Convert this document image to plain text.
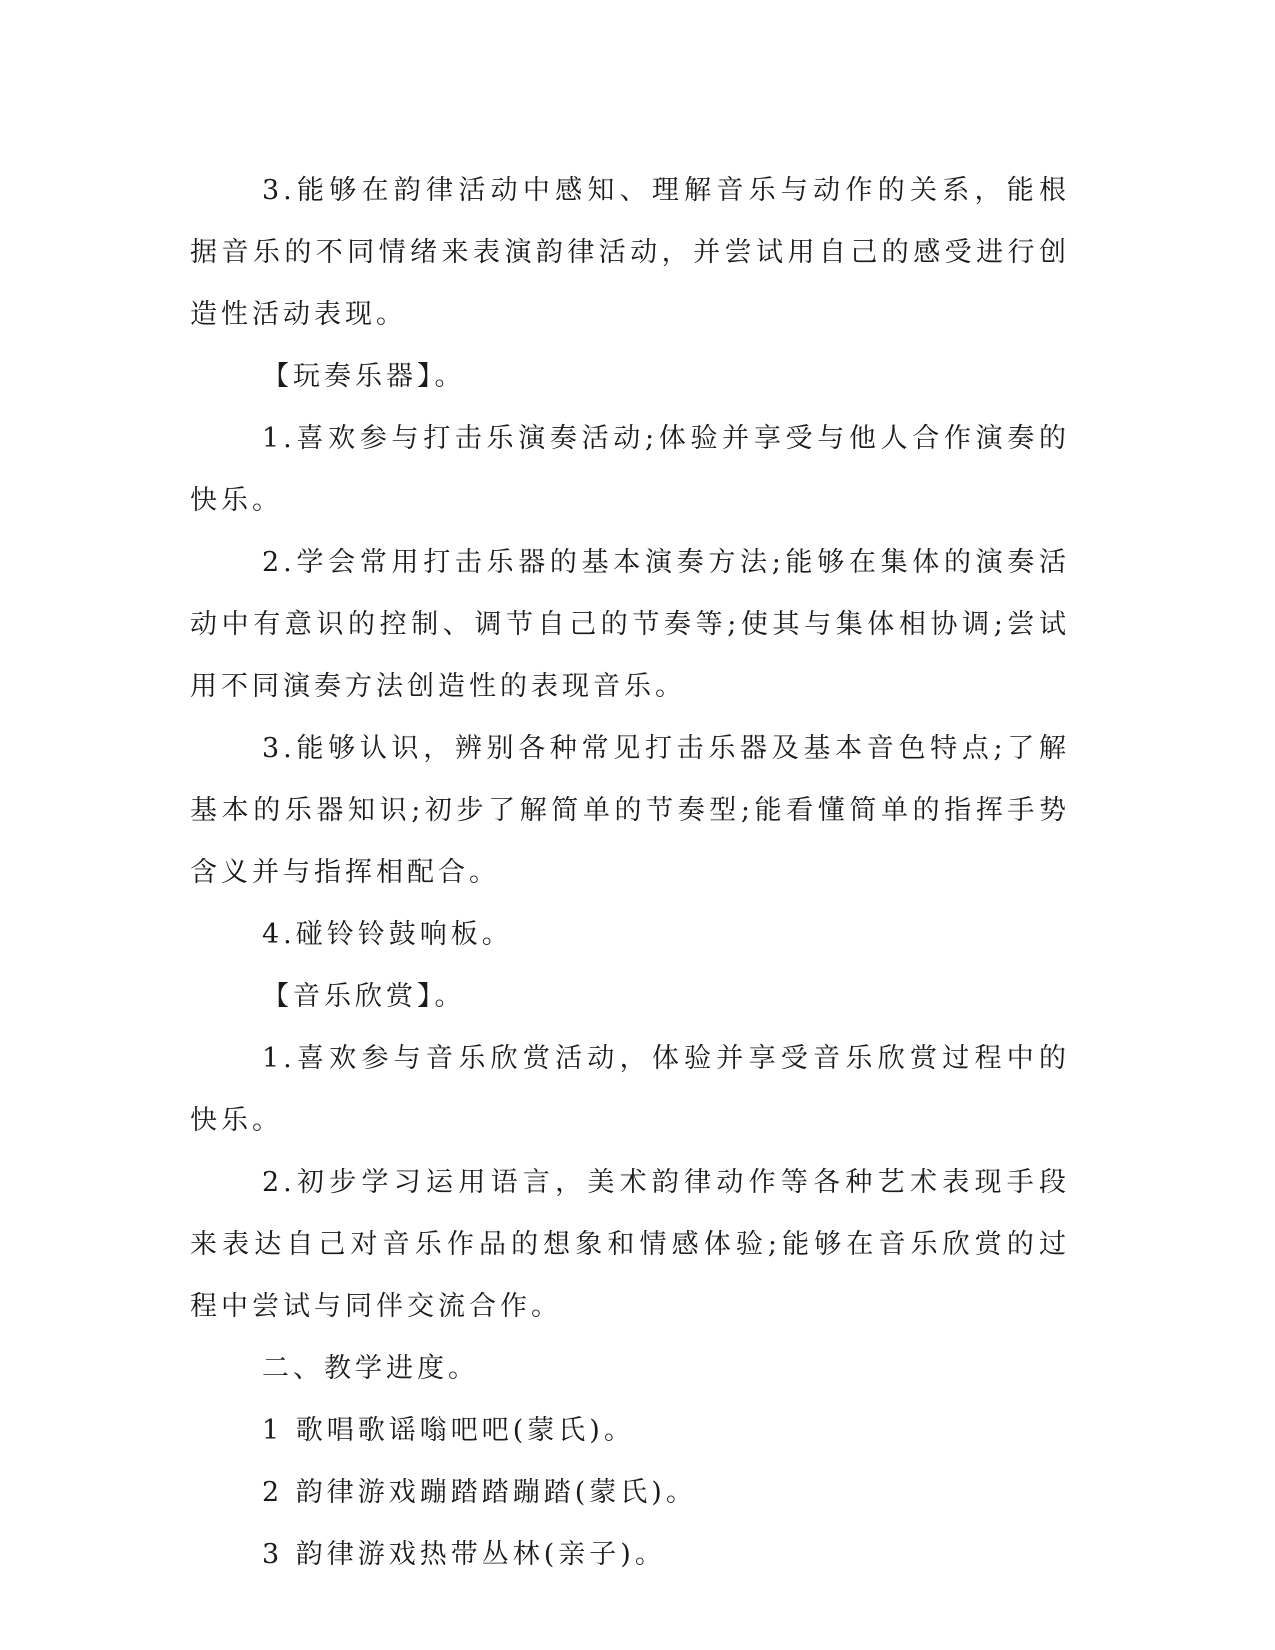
3.能够在韵律活动中感知、理解音乐与动作的关系，能根据音乐的不同情绪来表演韵律活动，并尝试用自己的感受进行创造性活动表现。

【玩奏乐器】。

1.喜欢参与打击乐演奏活动;体验并享受与他人合作演奏的快乐。

2.学会常用打击乐器的基本演奏方法;能够在集体的演奏活动中有意识的控制、调节自己的节奏等;使其与集体相协调;尝试用不同演奏方法创造性的表现音乐。

3.能够认识，辨别各种常见打击乐器及基本音色特点;了解基本的乐器知识;初步了解简单的节奏型;能看懂简单的指挥手势含义并与指挥相配合。

4.碰铃铃鼓响板。

【音乐欣赏】。

1.喜欢参与音乐欣赏活动，体验并享受音乐欣赏过程中的快乐。

2.初步学习运用语言，美术韵律动作等各种艺术表现手段来表达自己对音乐作品的想象和情感体验;能够在音乐欣赏的过程中尝试与同伴交流合作。

二、教学进度。

1 歌唱歌谣嗡吧吧(蒙氏)。

2 韵律游戏蹦踏踏蹦踏(蒙氏)。

3 韵律游戏热带丛林(亲子)。
